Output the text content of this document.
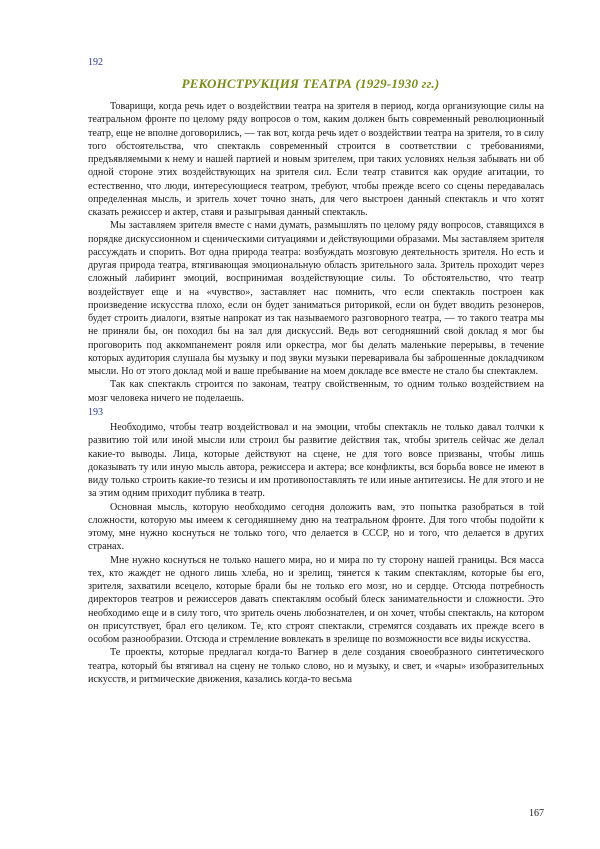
192
РЕКОНСТРУКЦИЯ ТЕАТРА (1929-1930 гг.)

Товарищи, когда речь идет о воздействии театра на зрителя в период, когда организующие силы на театральном фронте по целому ряду вопросов о том, каким должен быть современный революционный театр, еще не вполне договорились, — так вот, когда речь идет о воздействии театра на зрителя, то в силу того обстоятельства, что спектакль современный строится в соответствии с требованиями, предъявляемыми к нему и нашей партией и новым зрителем, при таких условиях нельзя забывать ни об одной стороне этих воздействующих на зрителя сил. Если театр ставится как орудие агитации, то естественно, что люди, интересующиеся театром, требуют, чтобы прежде всего со сцены передавалась определенная мысль, и зритель хочет точно знать, для чего выстроен данный спектакль и что хотят сказать режиссер и актер, ставя и разыгрывая данный спектакль.

Мы заставляем зрителя вместе с нами думать, размышлять по целому ряду вопросов, ставящихся в порядке дискуссионном и сценическими ситуациями и действующими образами. Мы заставляем зрителя рассуждать и спорить. Вот одна природа театра: возбуждать мозговую деятельность зрителя. Но есть и другая природа театра, втягивающая эмоциональную область зрительного зала. Зритель проходит через сложный лабиринт эмоций, воспринимая воздействующие силы. То обстоятельство, что театр воздействует еще и на «чувство», заставляет нас помнить, что если спектакль построен как произведение искусства плохо, если он будет заниматься риторикой, если он будет вводить резонеров, будет строить диалоги, взятые напрокат из так называемого разговорного театра, — то такого театра мы не приняли бы, он походил бы на зал для дискуссий. Ведь вот сегодняшний свой доклад я мог бы проговорить под аккомпанемент рояля или оркестра, мог бы делать маленькие перерывы, в течение которых аудитория слушала бы музыку и под звуки музыки переваривала бы заброшенные докладчиком мысли. Но от этого доклад мой и ваше пребывание на моем докладе все вместе не стало бы спектаклем.

Так как спектакль строится по законам, театру свойственным, то одним только воздействием на мозг человека ничего не поделаешь.

193

Необходимо, чтобы театр воздействовал и на эмоции, чтобы спектакль не только давал толчки к развитию той или иной мысли или строил бы развитие действия так, чтобы зритель сейчас же делал какие-то выводы. Лица, которые действуют на сцене, не для того вовсе призваны, чтобы лишь доказывать ту или иную мысль автора, режиссера и актера; все конфликты, вся борьба вовсе не имеют в виду только строить какие-то тезисы и им противопоставлять те или иные антитезисы. Не для этого и не за этим одним приходит публика в театр.

Основная мысль, которую необходимо сегодня доложить вам, это попытка разобраться в той сложности, которую мы имеем к сегодняшнему дню на театральном фронте. Для того чтобы подойти к этому, мне нужно коснуться не только того, что делается в СССР, но и того, что делается в других странах.

Мне нужно коснуться не только нашего мира, но и мира по ту сторону нашей границы. Вся масса тех, кто жаждет не одного лишь хлеба, но и зрелищ, тянется к таким спектаклям, которые бы его, зрителя, захватили всецело, которые брали бы не только его мозг, но и сердце. Отсюда потребность директоров театров и режиссеров давать спектаклям особый блеск занимательности и сложности. Это необходимо еще и в силу того, что зритель очень любознателен, и он хочет, чтобы спектакль, на котором он присутствует, брал его целиком. Те, кто строят спектакли, стремятся создавать их прежде всего в особом разнообразии. Отсюда и стремление вовлекать в зрелище по возможности все виды искусства.

Те проекты, которые предлагал когда-то Вагнер в деле создания своеобразного синтетического театра, который бы втягивал на сцену не только слово, но и музыку, и свет, и «чары» изобразительных искусств, и ритмические движения, казались когда-то весьма

167
